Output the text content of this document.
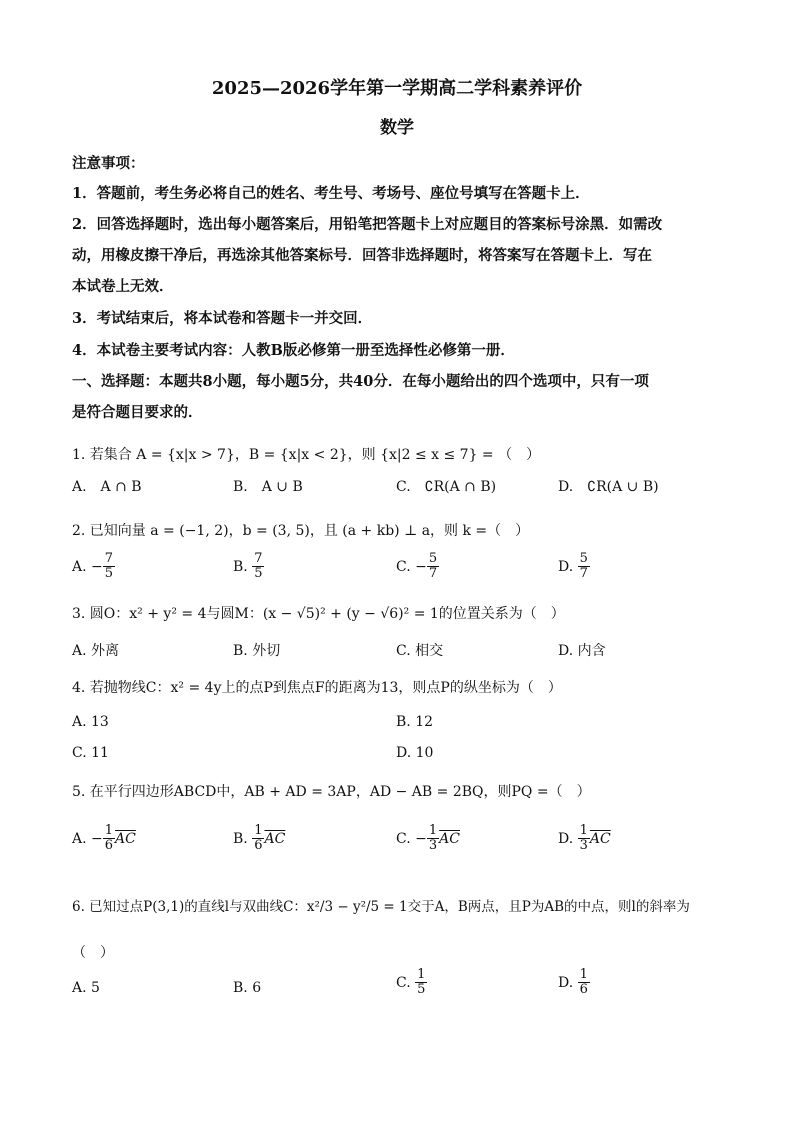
2025—2026学年第一学期高二学科素养评价
数学
注意事项：
1．答题前，考生务必将自己的姓名、考生号、考场号、座位号填写在答题卡上．
2．回答选择题时，选出每小题答案后，用铅笔把答题卡上对应题目的答案标号涂黑．如需改
动，用橡皮擦干净后，再选涂其他答案标号．回答非选择题时，将答案写在答题卡上．写在
本试卷上无效．
3．考试结束后，将本试卷和答题卡一并交回．
4．本试卷主要考试内容：人教B版必修第一册至选择性必修第一册．
一、选择题：本题共8小题，每小题5分，共40分．在每小题给出的四个选项中，只有一项
是符合题目要求的．
1. 若集合 A = {x|x > 7}，B = {x|x < 2}，则 {x|2 ≤ x ≤ 7} = （　）
A.　A ∩ B	B.　A ∪ B	C.　∁R(A ∩ B)	D.　∁R(A ∪ B)
2. 已知向量 a = (−1, 2)，b = (3, 5)，且 (a + kb) ⊥ a，则 k =（　）
A. − $\frac{7}{5}$	B. $\frac{7}{5}$	C. − $\frac{5}{7}$	D. $\frac{5}{7}$
3. 圆O：x² + y² = 4与圆M：(x − √5)² + (y − √6)² = 1的位置关系为（　）
A. 外离	B. 外切	C. 相交	D. 内含
4. 若抛物线C：x² = 4y上的点P到焦点F的距离为13，则点P的纵坐标为（　）
A. 13	B. 12
C. 11	D. 10
5. 在平行四边形ABCD中，AB + AD = 3AP，AD − AB = 2BQ，则PQ =（　）
A. − $\frac{1}{6} \overline{AC}$	B. $\frac{1}{6} \overline{AC}$	C. − $\frac{1}{3} \overline{AC}$	D. $\frac{1}{3} \overline{AC}$
6. 已知过点P(3,1)的直线l与双曲线C：x²/3 − y²/5 = 1交于A，B两点，且P为AB的中点，则l的斜率为
（　）
A. 5	B. 6	C. $\frac{1}{5}$	D. $\frac{1}{6}$
